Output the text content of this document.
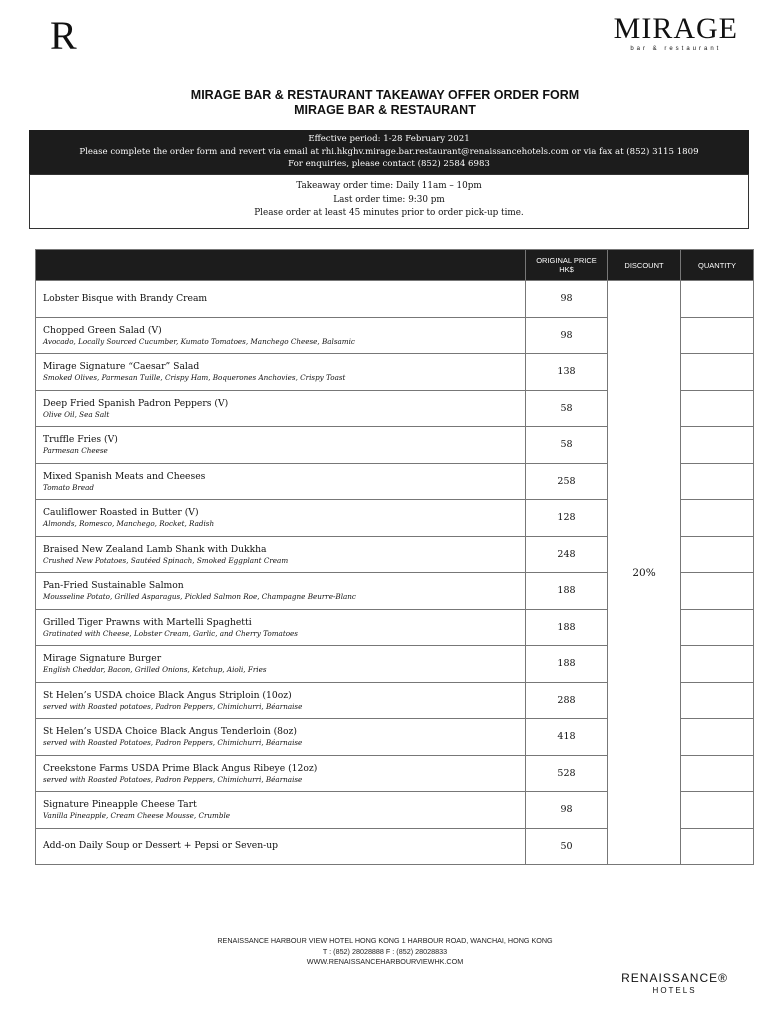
R	MIRAGE
bar & restaurant
MIRAGE BAR & RESTAURANT TAKEAWAY OFFER ORDER FORM
MIRAGE BAR & RESTAURANT
Effective period: 1-28 February 2021
Please complete the order form and revert via email at rhi.hkghv.mirage.bar.restaurant@renaissancehotels.com or via fax at (852) 3115 1809
For enquiries, please contact (852) 2584 6983
Takeaway order time: Daily 11am – 10pm
Last order time: 9:30 pm
Please order at least 45 minutes prior to order pick-up time.

	ORIGINAL PRICE
HK$	DISCOUNT	QUANTITY

Lobster Bisque with Brandy Cream	98	20%	

Chopped Green Salad (V)
Avocado, Locally Sourced Cucumber, Kumato Tomatoes, Manchego Cheese, Balsamic	98		

Mirage Signature “Caesar” Salad
Smoked Olives, Parmesan Tuille, Crispy Ham, Boquerones Anchovies, Crispy Toast	138		

Deep Fried Spanish Padron Peppers (V)
Olive Oil, Sea Salt	58		

Truffle Fries (V)
Parmesan Cheese	58		

Mixed Spanish Meats and Cheeses
Tomato Bread	258		

Cauliflower Roasted in Butter (V)
Almonds, Romesco, Manchego, Rocket, Radish	128		

Braised New Zealand Lamb Shank with Dukkha
Crushed New Potatoes, Sautéed Spinach, Smoked Eggplant Cream	248		

Pan-Fried Sustainable Salmon
Mousseline Potato, Grilled Asparagus, Pickled Salmon Roe, Champagne Beurre-Blanc	188		

Grilled Tiger Prawns with Martelli Spaghetti
Gratinated with Cheese, Lobster Cream, Garlic, and Cherry Tomatoes	188		

Mirage Signature Burger
English Cheddar, Bacon, Grilled Onions, Ketchup, Aioli, Fries	188		

St Helen’s USDA choice Black Angus Striploin (10oz)
served with Roasted potatoes, Padron Peppers, Chimichurri, Béarnaise	288		

St Helen’s USDA Choice Black Angus Tenderloin (8oz)
served with Roasted Potatoes, Padron Peppers, Chimichurri, Béarnaise	418		

Creekstone Farms USDA Prime Black Angus Ribeye (12oz)
served with Roasted Potatoes, Padron Peppers, Chimichurri, Béarnaise	528		

Signature Pineapple Cheese Tart
Vanilla Pineapple, Cream Cheese Mousse, Crumble	98		

Add-on Daily Soup or Dessert + Pepsi or Seven-up	50		
RENAISSANCE HARBOUR VIEW HOTEL HONG KONG 1 HARBOUR ROAD, WANCHAI, HONG KONG
T : (852) 28028888 F : (852) 28028833
WWW.RENAISSANCEHARBOURVIEWHK.COM
RENAISSANCE®
HOTELS
